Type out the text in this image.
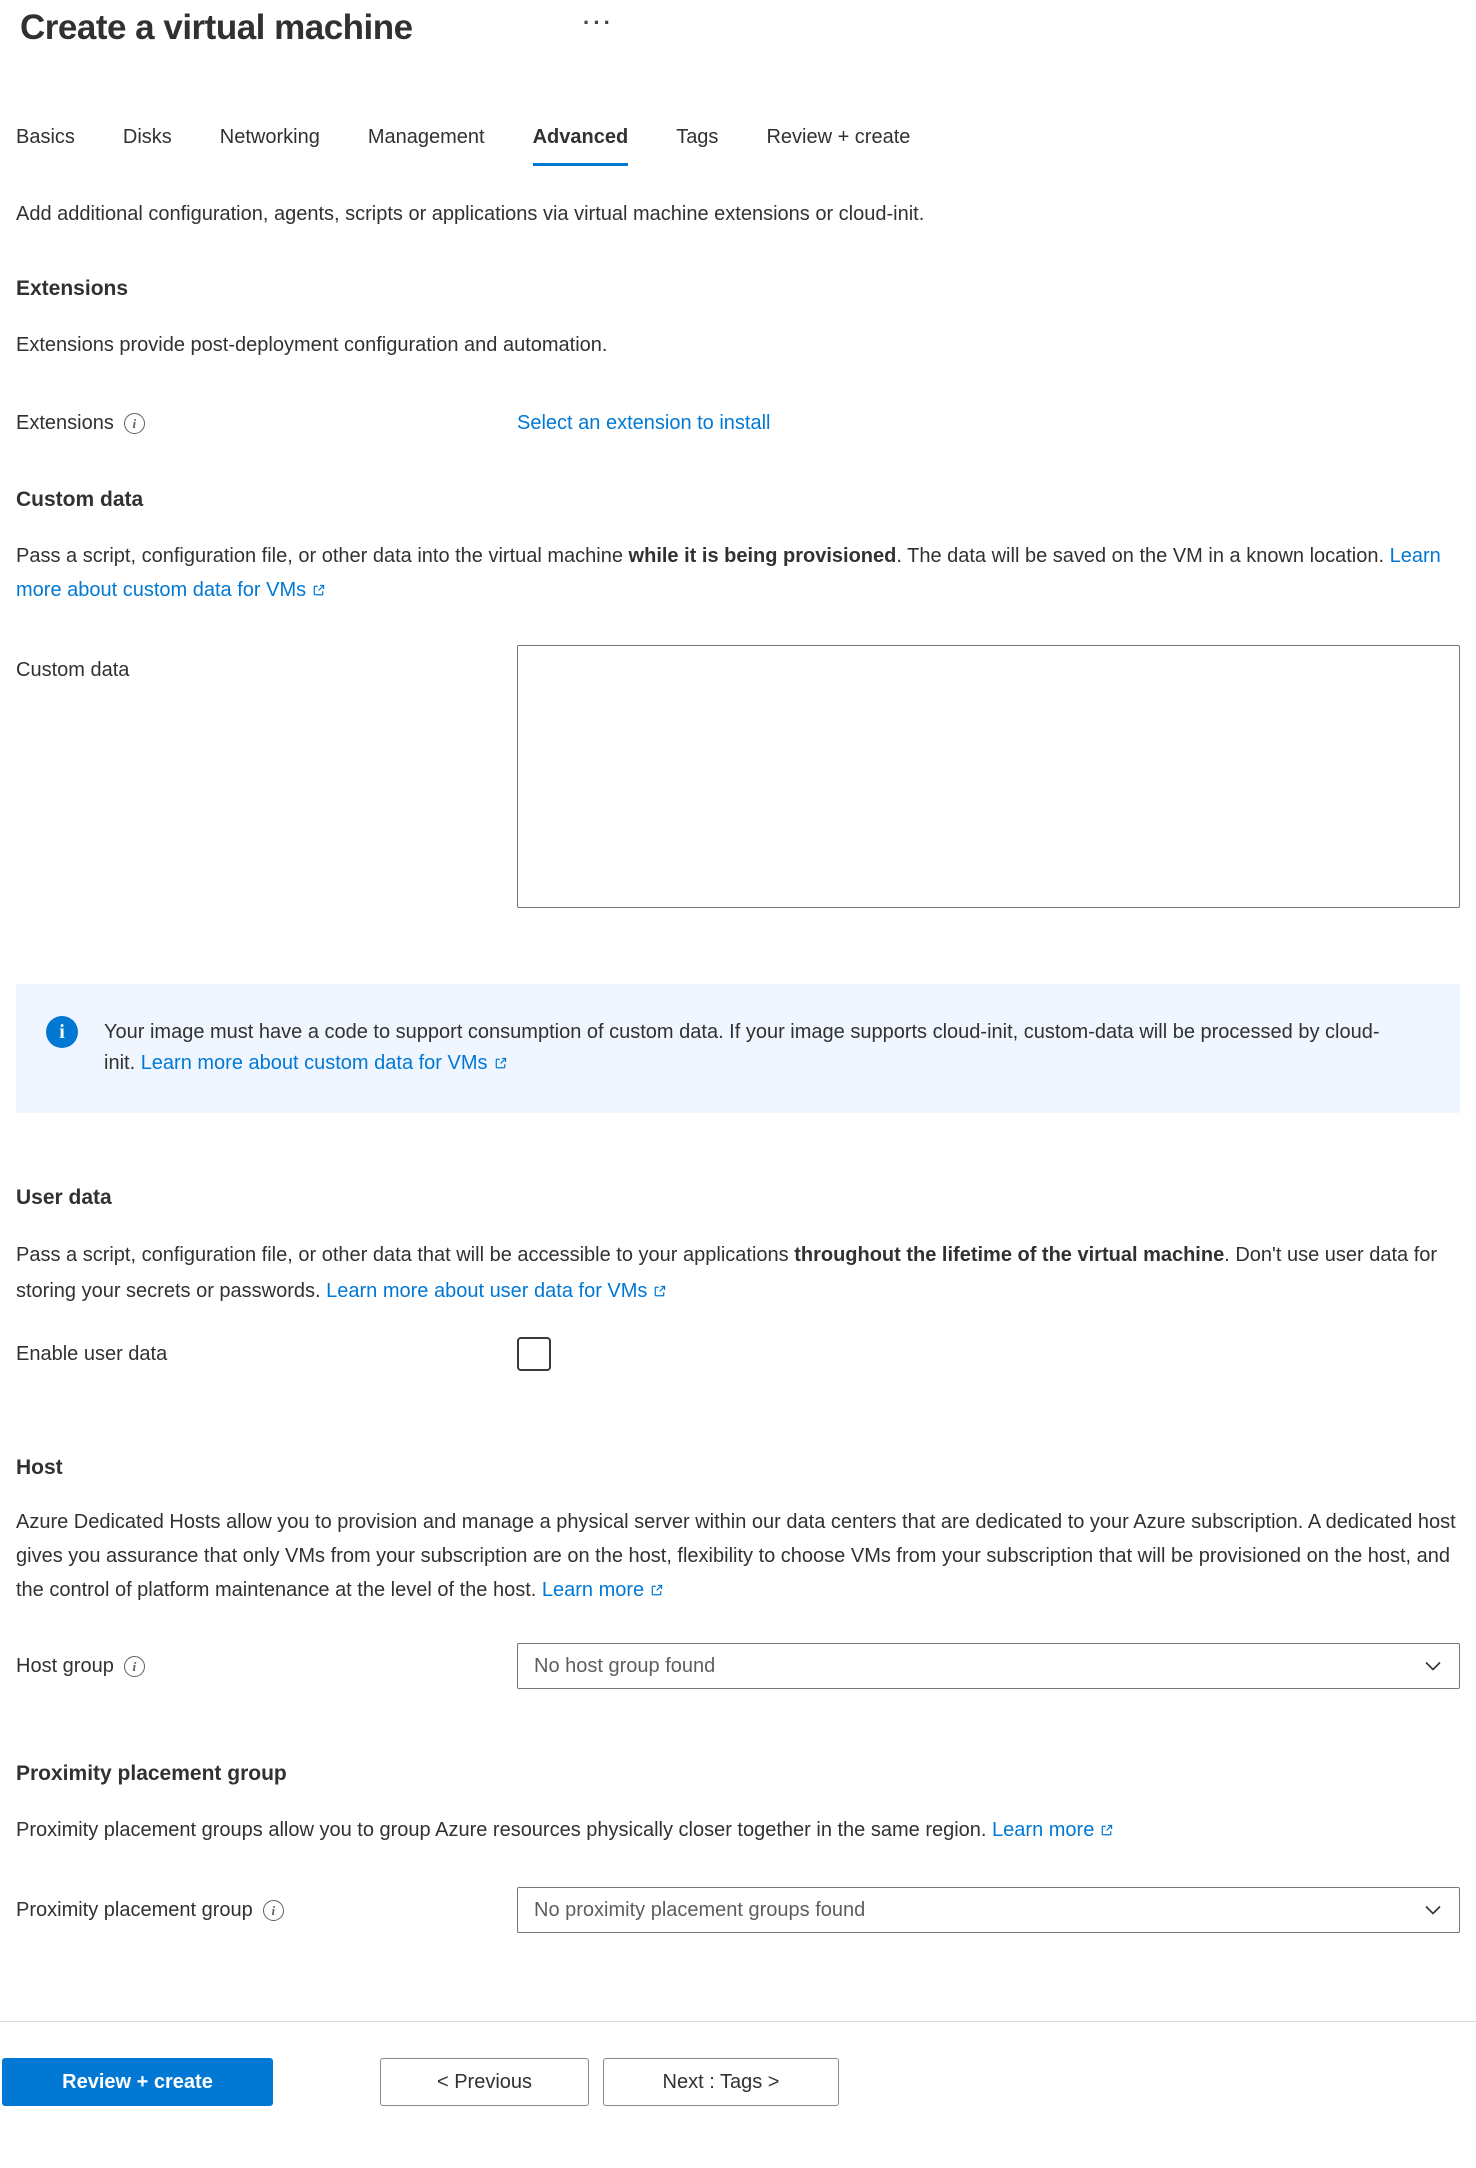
Create a virtual machine	···
Basics Disks Networking Management Advanced Tags Review + create

Add additional configuration, agents, scripts or applications via virtual machine extensions or cloud-init.

Extensions

Extensions provide post-deployment configuration and automation.

Extensions	i	Select an extension to install
Custom data

Pass a script, configuration file, or other data into the virtual machine while it is being provisioned. The data will be saved on the VM in a known location. Learn more about custom data for VMs

Custom data
i	Your image must have a code to support consumption of custom data. If your image supports cloud-init, custom-data will be processed by cloud-init. Learn more about custom data for VMs
User data

Pass a script, configuration file, or other data that will be accessible to your applications throughout the lifetime of the virtual machine. Don't use user data for storing your secrets or passwords. Learn more about user data for VMs

Enable user data
Host

Azure Dedicated Hosts allow you to provision and manage a physical server within our data centers that are dedicated to your Azure subscription. A dedicated host gives you assurance that only VMs from your subscription are on the host, flexibility to choose VMs from your subscription that will be provisioned on the host, and the control of platform maintenance at the level of the host. Learn more

Host group	i	No host group found
Proximity placement group

Proximity placement groups allow you to group Azure resources physically closer together in the same region. Learn more

Proximity placement group	i	No proximity placement groups found
Review + create	< Previous	Next : Tags >
